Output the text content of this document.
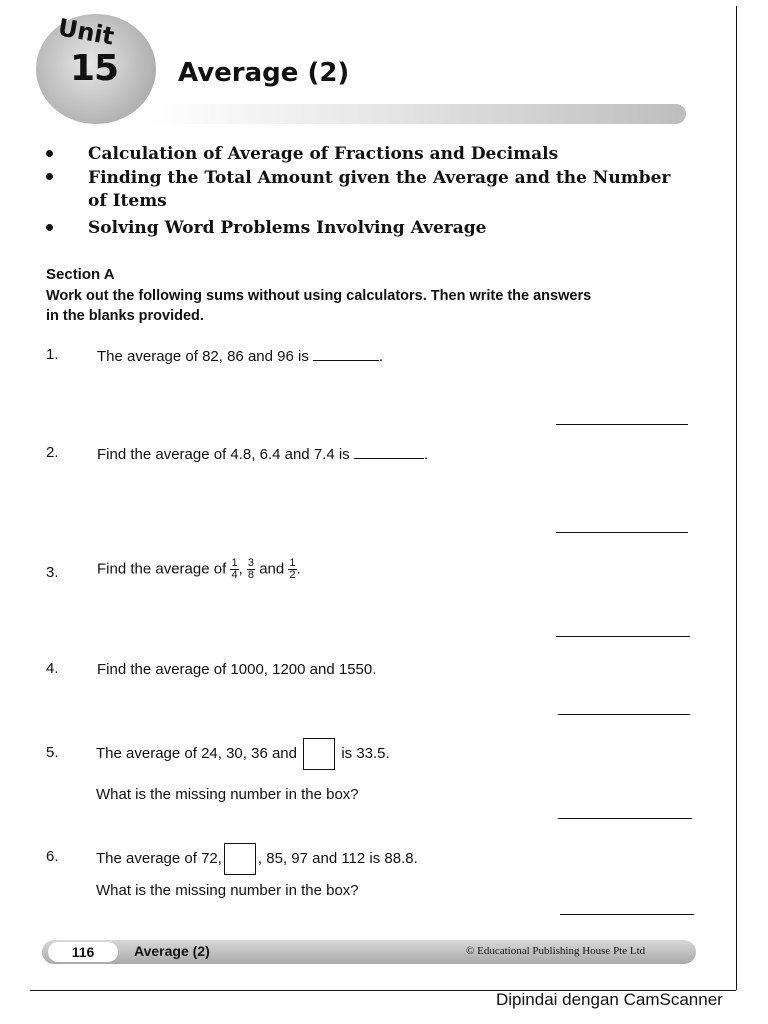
Unit
15 Average (2)
Calculation of Average of Fractions and Decimals
Finding the Total Amount given the Average and the Number
of Items
Solving Word Problems Involving Average
Section A
Work out the following sums without using calculators. Then write the answers
in the blanks provided.
1.	The average of 82, 86 and 96 is	.
2.	Find the average of 4.8, 6.4 and 7.4 is	.
3.	Find the average of $\frac{1}{4}$ , $\frac{3}{8}$ and $\frac{1}{2}$ .
4.	Find the average of 1000, 1200 and 1550.
5. The average of 24, 30, 36 and	is 33.5.
What is the missing number in the box?
6. The average of 72, , 85, 97 and 112 is 88.8.
What is the missing number in the box?
116	Average (2)	© Educational Publishing House Pte Ltd
Dipindai dengan CamScanner
